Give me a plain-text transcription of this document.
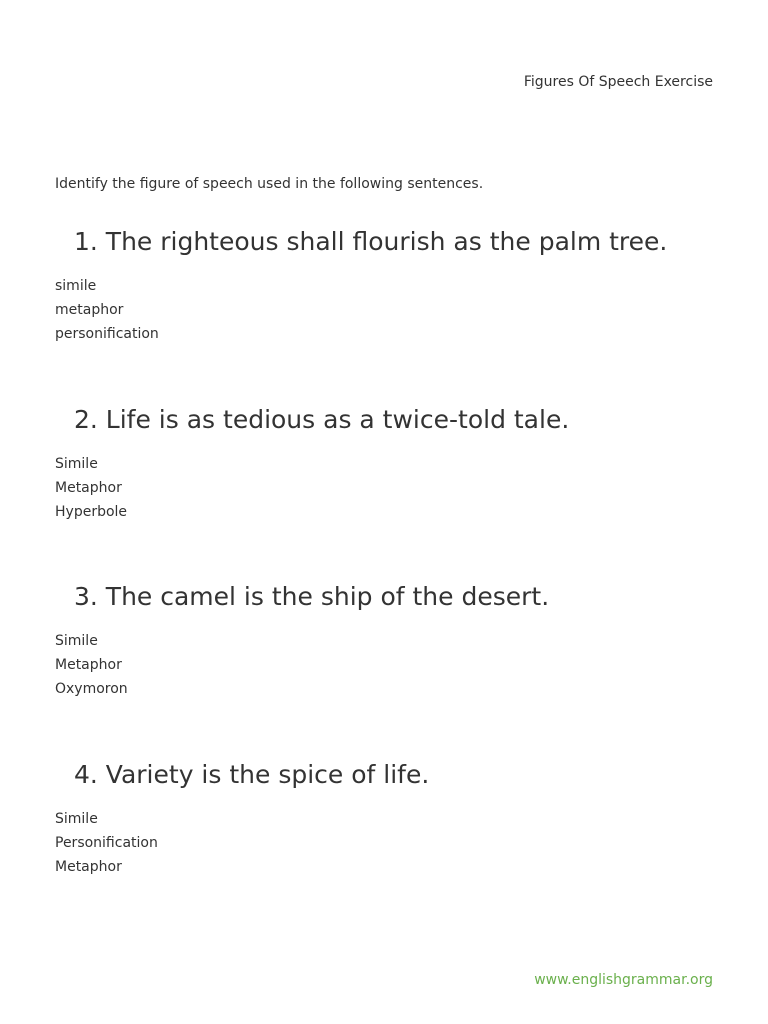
Figures Of Speech Exercise
Identify the figure of speech used in the following sentences.
1. The righteous shall flourish as the palm tree.
simile
metaphor
personification
2. Life is as tedious as a twice-told tale.
Simile
Metaphor
Hyperbole
3. The camel is the ship of the desert.
Simile
Metaphor
Oxymoron
4. Variety is the spice of life.
Simile
Personification
Metaphor
www.englishgrammar.org
